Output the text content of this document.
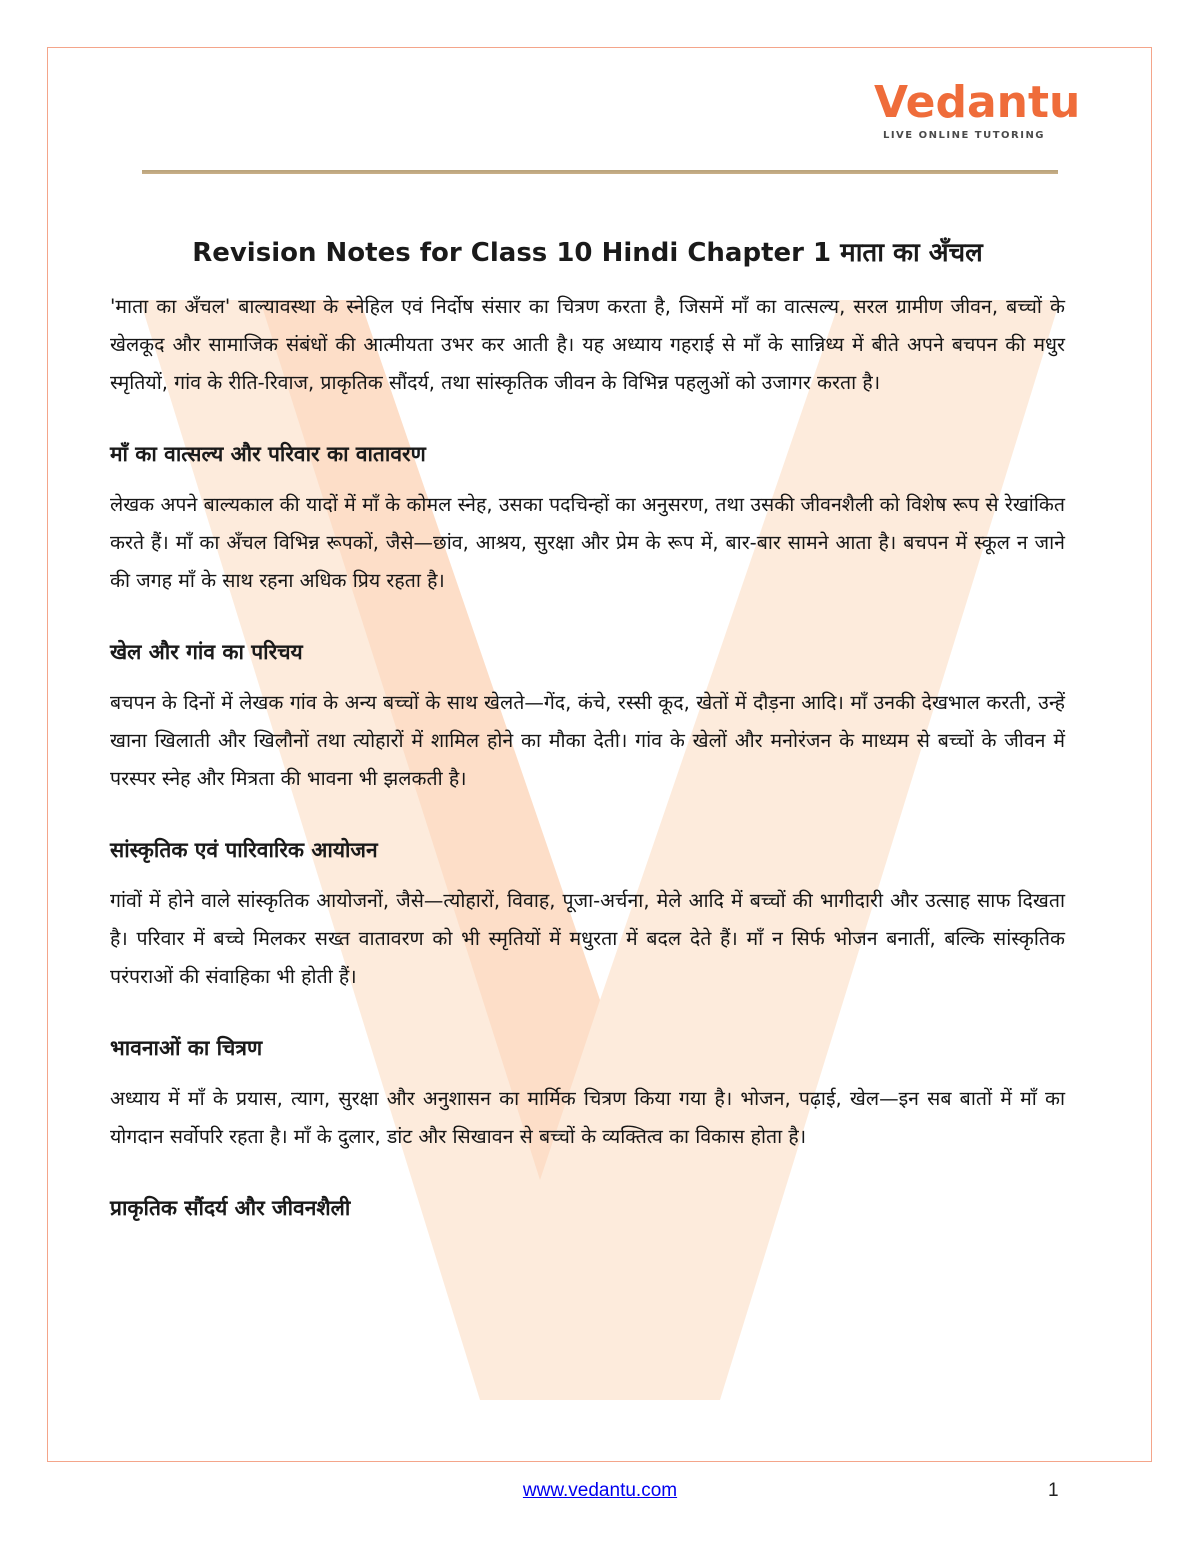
Vedantu
LIVE ONLINE TUTORING
Revision Notes for Class 10 Hindi Chapter 1 माता का अँचल

'माता का अँचल' बाल्यावस्था के स्नेहिल एवं निर्दोष संसार का चित्रण करता है, जिसमें माँ का वात्सल्य, सरल ग्रामीण जीवन, बच्चों के खेलकूद और सामाजिक संबंधों की आत्मीयता उभर कर आती है। यह अध्याय गहराई से माँ के सान्निध्य में बीते अपने बचपन की मधुर स्मृतियों, गांव के रीति-रिवाज, प्राकृतिक सौंदर्य, तथा सांस्कृतिक जीवन के विभिन्न पहलुओं को उजागर करता है।

माँ का वात्सल्य और परिवार का वातावरण

लेखक अपने बाल्यकाल की यादों में माँ के कोमल स्नेह, उसका पदचिन्हों का अनुसरण, तथा उसकी जीवनशैली को विशेष रूप से रेखांकित करते हैं। माँ का अँचल विभिन्न रूपकों, जैसे—छांव, आश्रय, सुरक्षा और प्रेम के रूप में, बार-बार सामने आता है। बचपन में स्कूल न जाने की जगह माँ के साथ रहना अधिक प्रिय रहता है।

खेल और गांव का परिचय

बचपन के दिनों में लेखक गांव के अन्य बच्चों के साथ खेलते—गेंद, कंचे, रस्सी कूद, खेतों में दौड़ना आदि। माँ उनकी देखभाल करती, उन्हें खाना खिलाती और खिलौनों तथा त्योहारों में शामिल होने का मौका देती। गांव के खेलों और मनोरंजन के माध्यम से बच्चों के जीवन में परस्पर स्नेह और मित्रता की भावना भी झलकती है।

सांस्कृतिक एवं पारिवारिक आयोजन

गांवों में होने वाले सांस्कृतिक आयोजनों, जैसे—त्योहारों, विवाह, पूजा-अर्चना, मेले आदि में बच्चों की भागीदारी और उत्साह साफ दिखता है। परिवार में बच्चे मिलकर सख्त वातावरण को भी स्मृतियों में मधुरता में बदल देते हैं। माँ न सिर्फ भोजन बनातीं, बल्कि सांस्कृतिक परंपराओं की संवाहिका भी होती हैं।

भावनाओं का चित्रण

अध्याय में माँ के प्रयास, त्याग, सुरक्षा और अनुशासन का मार्मिक चित्रण किया गया है। भोजन, पढ़ाई, खेल—इन सब बातों में माँ का योगदान सर्वोपरि रहता है। माँ के दुलार, डांट और सिखावन से बच्चों के व्यक्तित्व का विकास होता है।

प्राकृतिक सौंदर्य और जीवनशैली
www.vedantu.com	1
